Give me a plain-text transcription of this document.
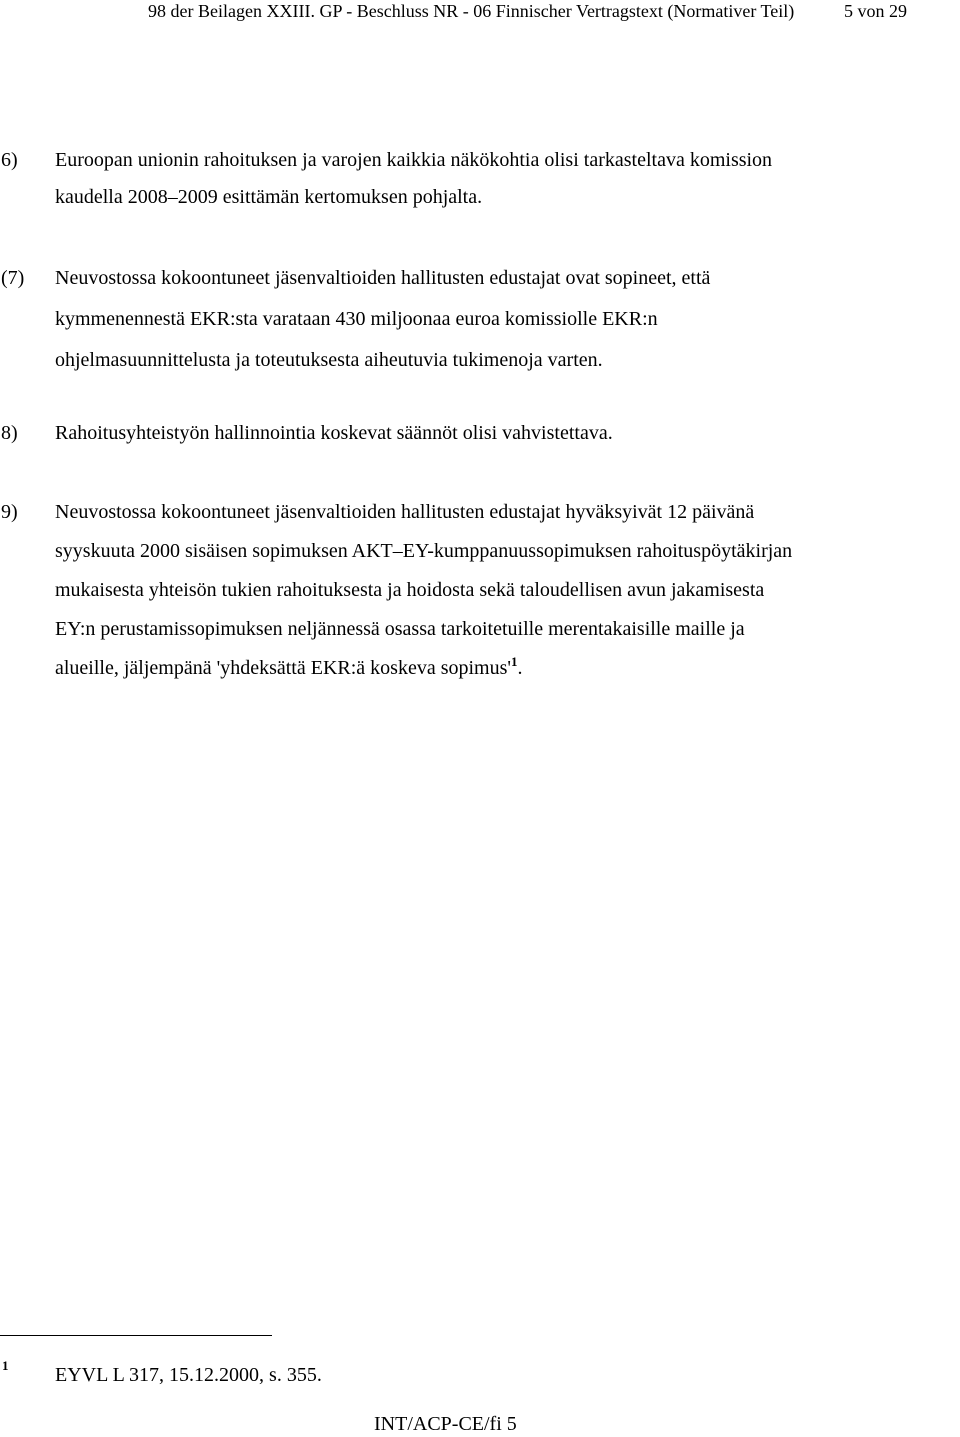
98 der Beilagen XXIII. GP - Beschluss NR - 06 Finnischer Vertragstext (Normativer Teil)	5 von 29
6) Euroopan unionin rahoituksen ja varojen kaikkia näkökohtia olisi tarkasteltava komission
kaudella 2008–2009 esittämän kertomuksen pohjalta.
(7) Neuvostossa kokoontuneet jäsenvaltioiden hallitusten edustajat ovat sopineet, että
kymmenennestä EKR:sta varataan 430 miljoonaa euroa komissiolle EKR:n
ohjelmasuunnittelusta ja toteutuksesta aiheutuvia tukimenoja varten.
8) Rahoitusyhteistyön hallinnointia koskevat säännöt olisi vahvistettava.
9) Neuvostossa kokoontuneet jäsenvaltioiden hallitusten edustajat hyväksyivät 12 päivänä
syyskuuta 2000 sisäisen sopimuksen AKT–EY-kumppanuussopimuksen rahoituspöytäkirjan
mukaisesta yhteisön tukien rahoituksesta ja hoidosta sekä taloudellisen avun jakamisesta
EY:n perustamissopimuksen neljännessä osassa tarkoitetuille merentakaisille maille ja
alueille, jäljempänä 'yhdeksättä EKR:ä koskeva sopimus'$^1$.
1 EYVL L 317, 15.12.2000, s. 355.
INT/ACP-CE/fi 5
